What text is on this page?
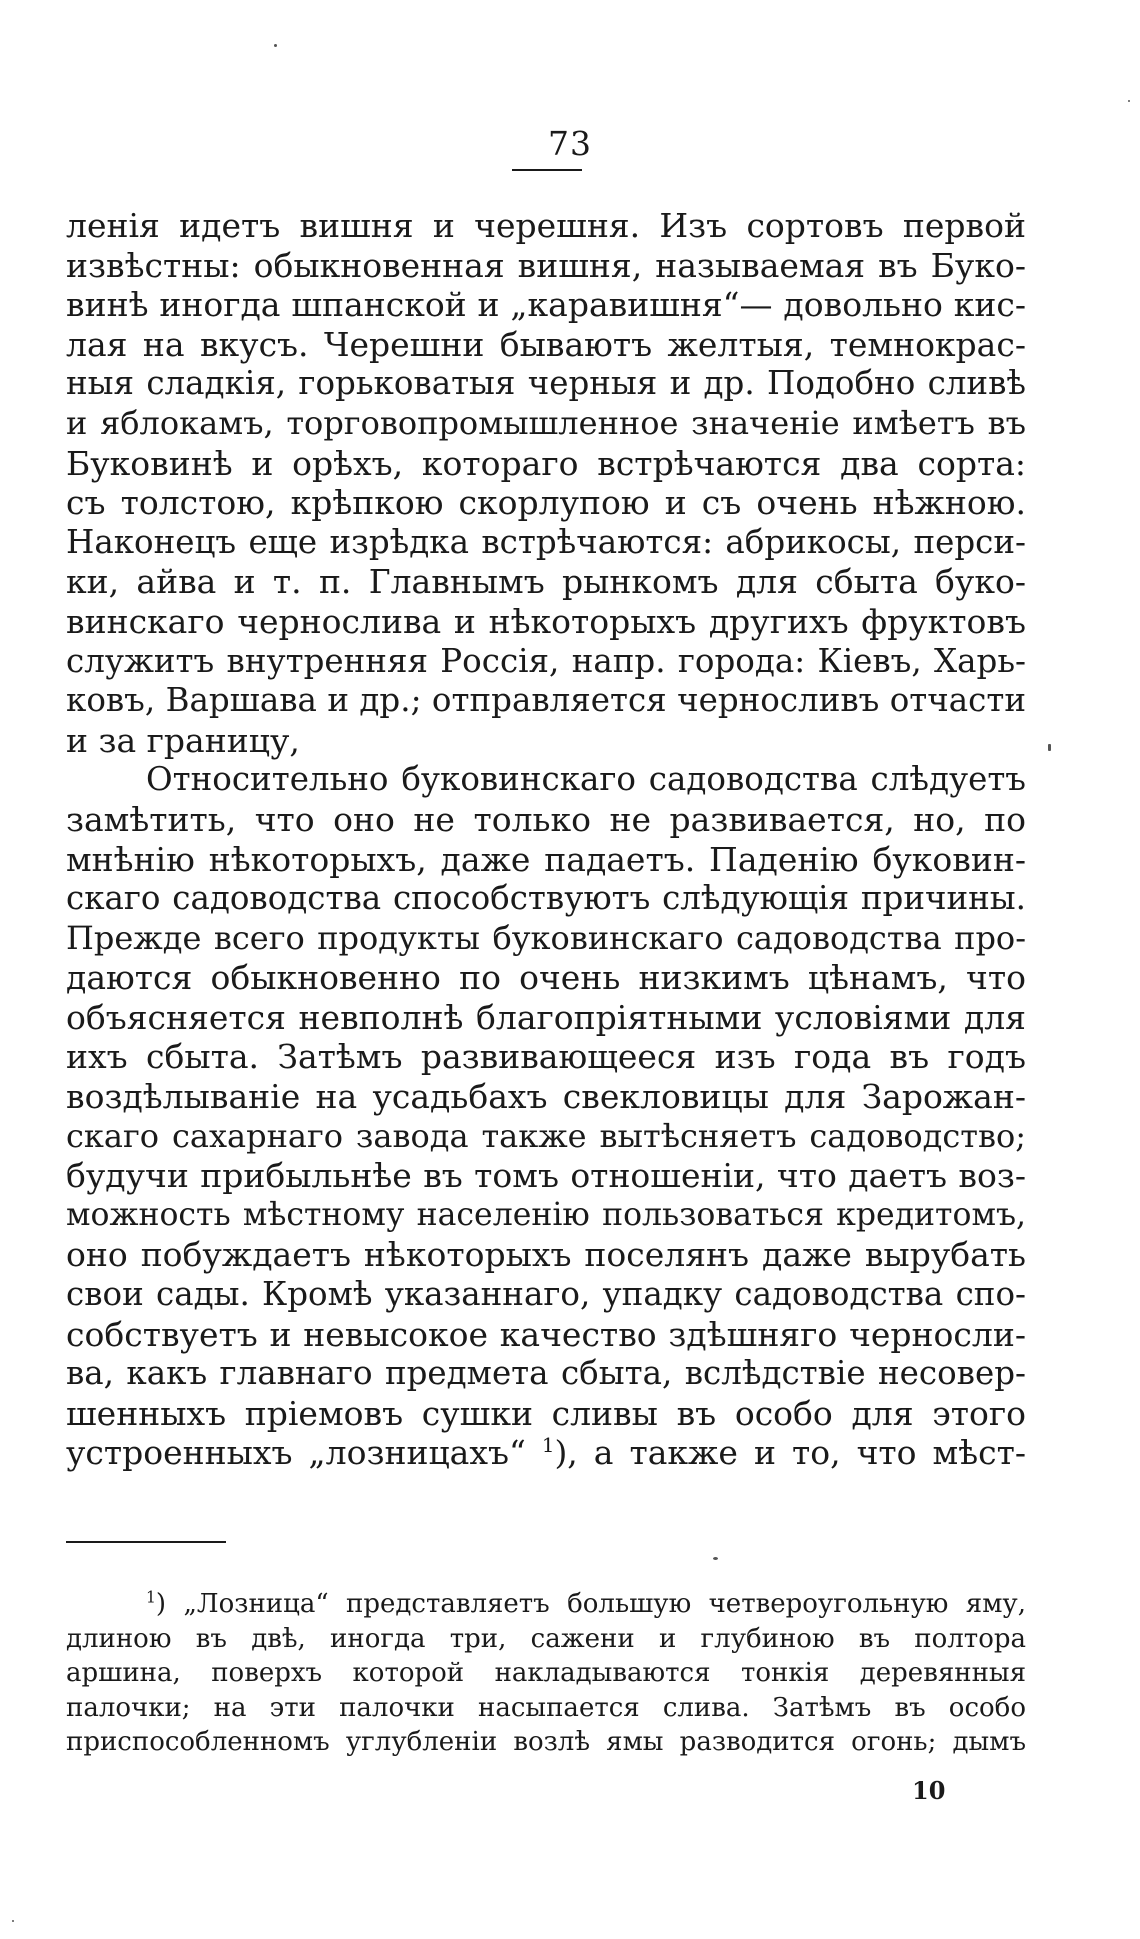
73
ленія идетъ вишня и черешня. Изъ сортовъ первой
извѣстны: обыкновенная вишня, называемая въ Буко-
винѣ иногда шпанской и „каравишня“— довольно кис-
лая на вкусъ. Черешни бываютъ желтыя, темнокрас-
ныя сладкія, горьковатыя черныя и др. Подобно сливѣ
и яблокамъ, торговопромышленное значеніе имѣетъ въ
Буковинѣ и орѣхъ, котораго встрѣчаются два сорта:
съ толстою, крѣпкою скорлупою и съ очень нѣжною.
Наконецъ еще изрѣдка встрѣчаются: абрикосы, перси-
ки, айва и т. п. Главнымъ рынкомъ для сбыта буко-
винскаго чернослива и нѣкоторыхъ другихъ фруктовъ
служитъ внутренняя Россія, напр. города: Кіевъ, Харь-
ковъ, Варшава и др.; отправляется черносливъ отчасти
и за границу,
Относительно буковинскаго садоводства слѣдуетъ
замѣтить, что оно не только не развивается, но, по
мнѣнію нѣкоторыхъ, даже падаетъ. Паденію буковин-
скаго садоводства способствуютъ слѣдующія причины.
Прежде всего продукты буковинскаго садоводства про-
даются обыкновенно по очень низкимъ цѣнамъ, что
объясняется невполнѣ благопріятными условіями для
ихъ сбыта. Затѣмъ развивающееся изъ года въ годъ
воздѣлываніе на усадьбахъ свекловицы для Зарожан-
скаго сахарнаго завода также вытѣсняетъ садоводство;
будучи прибыльнѣе въ томъ отношеніи, что даетъ воз-
можность мѣстному населенію пользоваться кредитомъ,
оно побуждаетъ нѣкоторыхъ поселянъ даже вырубать
свои сады. Кромѣ указаннаго, упадку садоводства спо-
собствуетъ и невысокое качество здѣшняго черносли-
ва, какъ главнаго предмета сбыта, вслѣдствіе несовер-
шенныхъ пріемовъ сушки сливы въ особо для этого
устроенныхъ „лозницахъ“ $^1$), а также и то, что мѣст-
$^1$) „Лозница“ представляетъ большую четвероугольную яму,
длиною въ двѣ, иногда три, сажени и глубиною въ полтора
аршина, поверхъ которой накладываются тонкія деревянныя
палочки; на эти палочки насыпается слива. Затѣмъ въ особо
приспособленномъ углубленіи возлѣ ямы разводится огонь; дымъ
10
